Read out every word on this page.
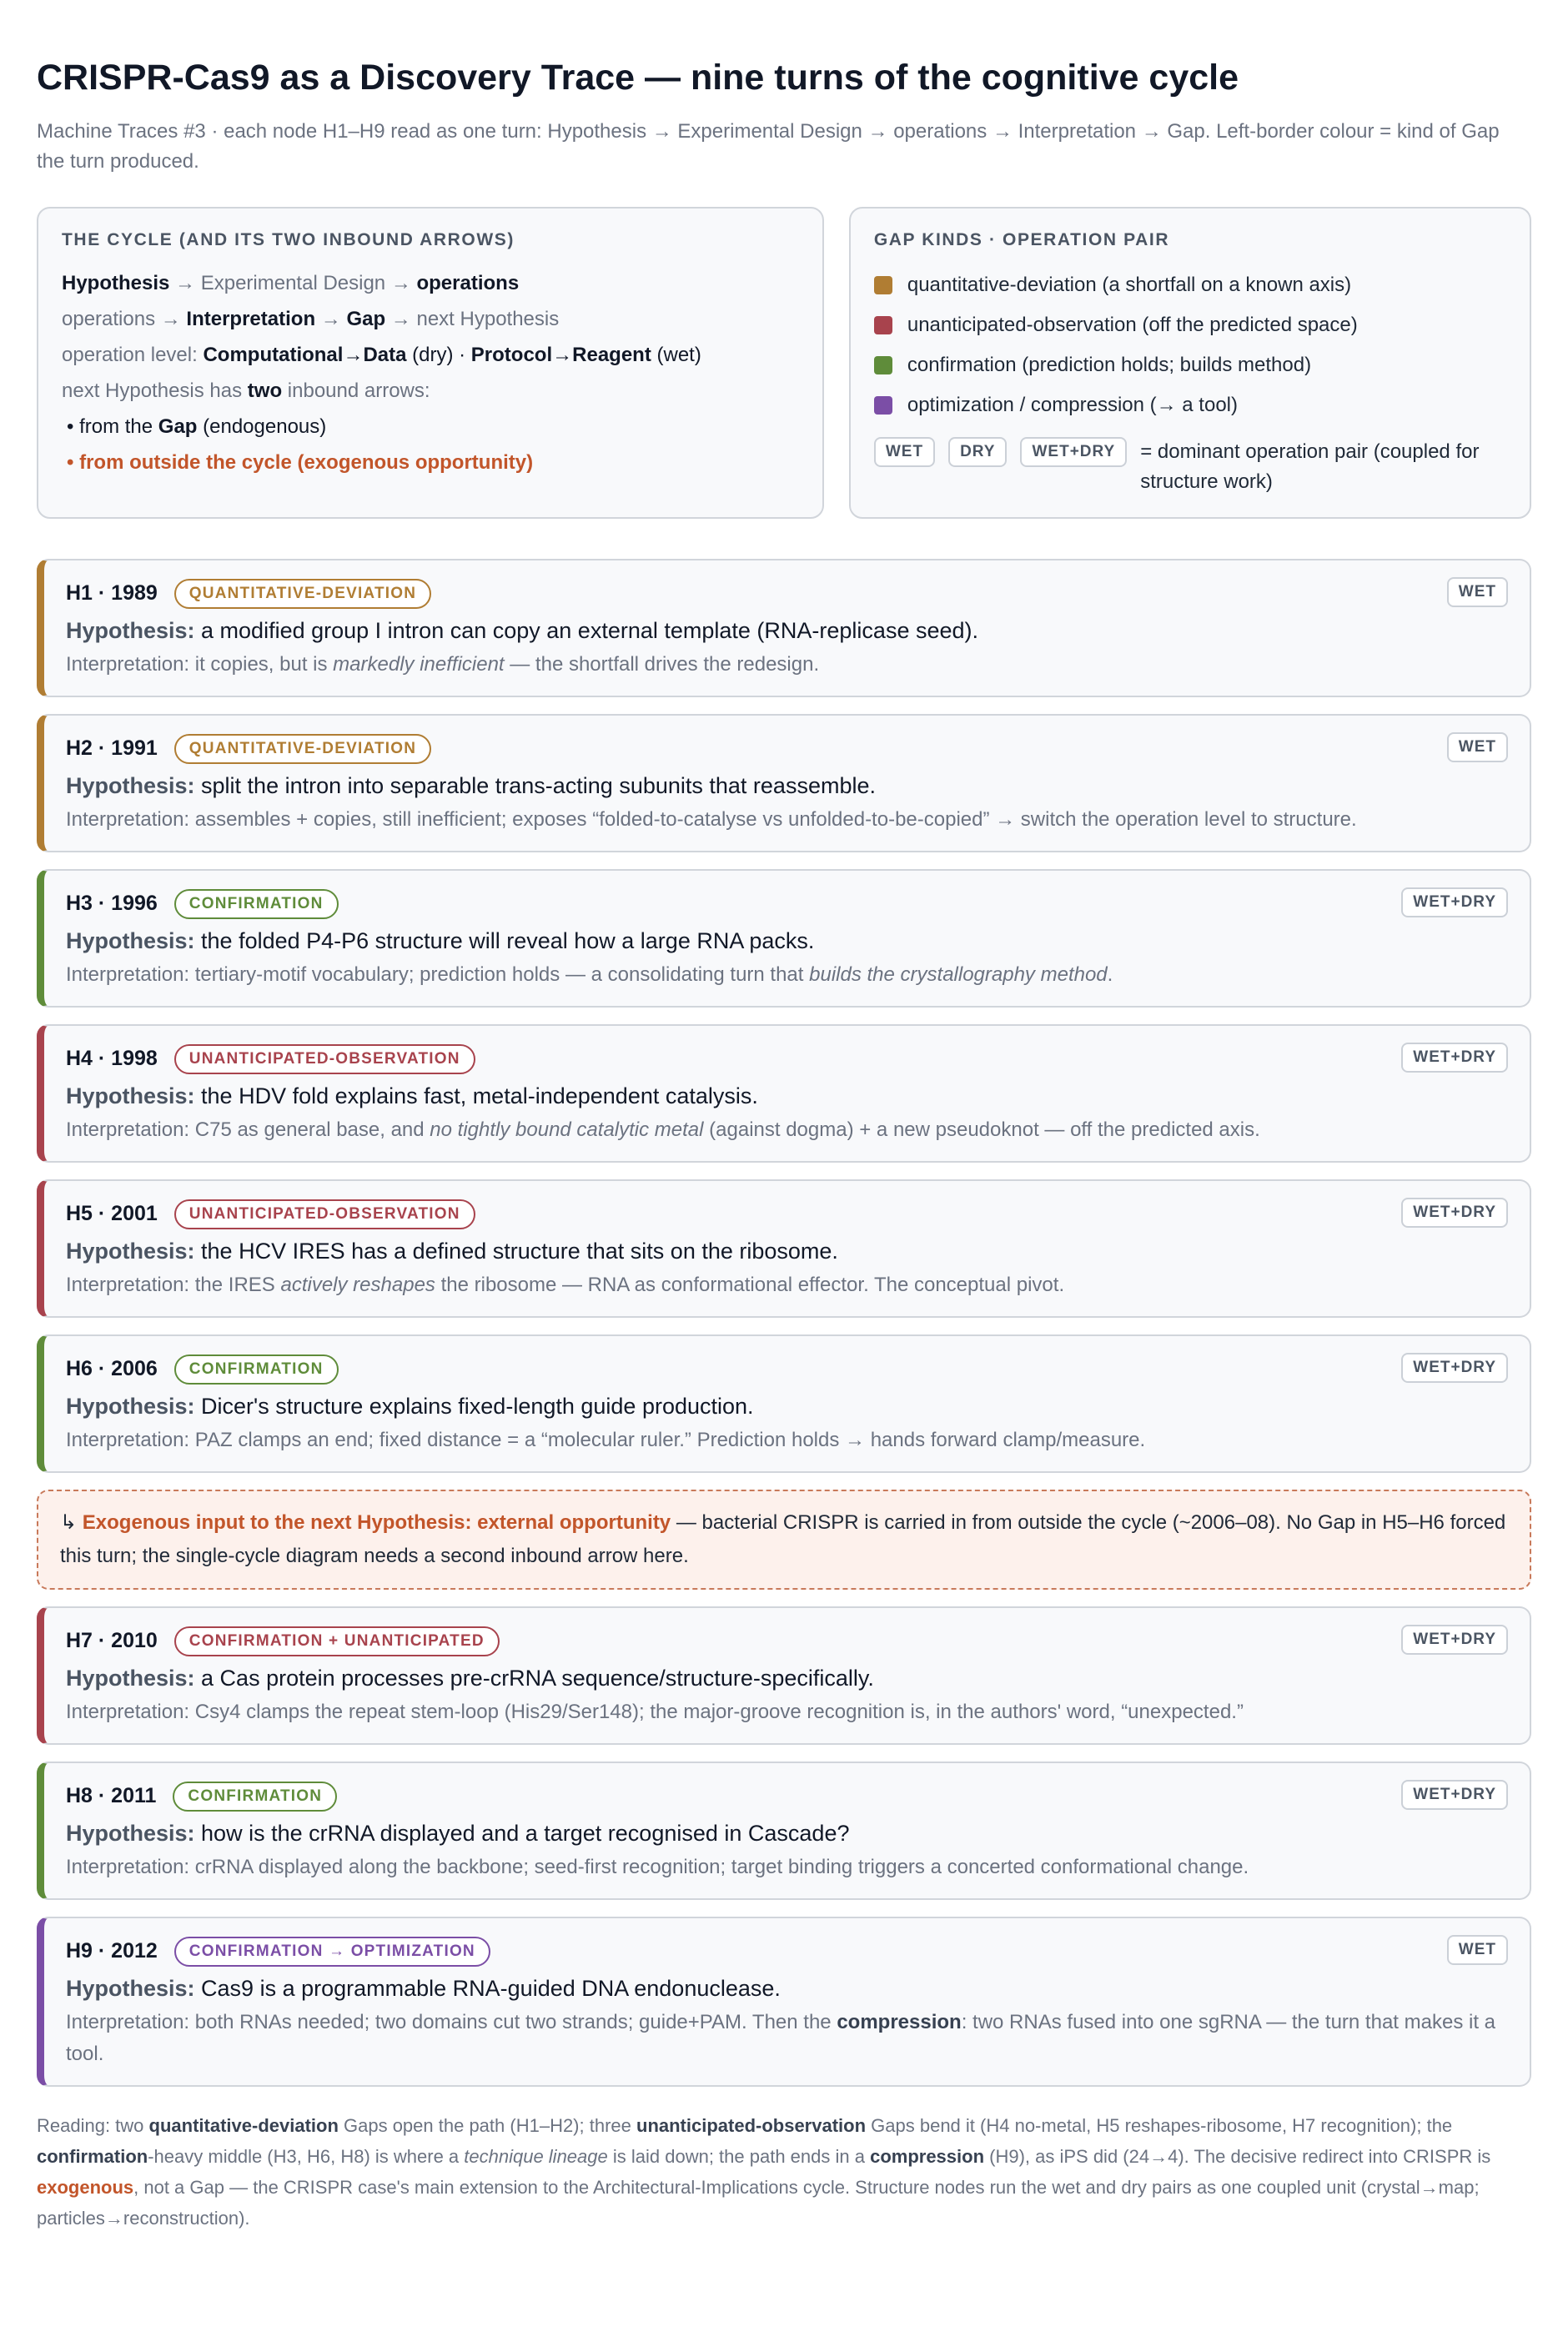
CRISPR-Cas9 as a Discovery Trace — nine turns of the cognitive cycle
Machine Traces #3 · each node H1–H9 read as one turn: Hypothesis → Experimental Design → operations → Interpretation → Gap. Left-border colour = kind of Gap the turn produced.
THE CYCLE (AND ITS TWO INBOUND ARROWS)
Hypothesis → Experimental Design → operations
operations → Interpretation → Gap → next Hypothesis
operation level: Computational→Data (dry) · Protocol→Reagent (wet)
next Hypothesis has two inbound arrows:
• from the Gap (endogenous)
• from outside the cycle (exogenous opportunity)
GAP KINDS · OPERATION PAIR
quantitative-deviation (a shortfall on a known axis)
unanticipated-observation (off the predicted space)
confirmation (prediction holds; builds method)
optimization / compression (→ a tool)
WET	DRY	WET+DRY	= dominant operation pair (coupled for structure work)
H1 · 1989	QUANTITATIVE-DEVIATION	WET
Hypothesis: a modified group I intron can copy an external template (RNA-replicase seed).
Interpretation: it copies, but is markedly inefficient — the shortfall drives the redesign.
H2 · 1991	QUANTITATIVE-DEVIATION	WET
Hypothesis: split the intron into separable trans-acting subunits that reassemble.
Interpretation: assembles + copies, still inefficient; exposes “folded-to-catalyse vs unfolded-to-be-copied” → switch the operation level to structure.
H3 · 1996	CONFIRMATION	WET+DRY
Hypothesis: the folded P4-P6 structure will reveal how a large RNA packs.
Interpretation: tertiary-motif vocabulary; prediction holds — a consolidating turn that builds the crystallography method.
H4 · 1998	UNANTICIPATED-OBSERVATION	WET+DRY
Hypothesis: the HDV fold explains fast, metal-independent catalysis.
Interpretation: C75 as general base, and no tightly bound catalytic metal (against dogma) + a new pseudoknot — off the predicted axis.
H5 · 2001	UNANTICIPATED-OBSERVATION	WET+DRY
Hypothesis: the HCV IRES has a defined structure that sits on the ribosome.
Interpretation: the IRES actively reshapes the ribosome — RNA as conformational effector. The conceptual pivot.
H6 · 2006	CONFIRMATION	WET+DRY
Hypothesis: Dicer's structure explains fixed-length guide production.
Interpretation: PAZ clamps an end; fixed distance = a “molecular ruler.” Prediction holds → hands forward clamp/measure.
↳ Exogenous input to the next Hypothesis: external opportunity — bacterial CRISPR is carried in from outside the cycle (~2006–08). No Gap in H5–H6 forced this turn; the single-cycle diagram needs a second inbound arrow here.
H7 · 2010	CONFIRMATION + UNANTICIPATED	WET+DRY
Hypothesis: a Cas protein processes pre-crRNA sequence/structure-specifically.
Interpretation: Csy4 clamps the repeat stem-loop (His29/Ser148); the major-groove recognition is, in the authors' word, “unexpected.”
H8 · 2011	CONFIRMATION	WET+DRY
Hypothesis: how is the crRNA displayed and a target recognised in Cascade?
Interpretation: crRNA displayed along the backbone; seed-first recognition; target binding triggers a concerted conformational change.
H9 · 2012	CONFIRMATION → OPTIMIZATION	WET
Hypothesis: Cas9 is a programmable RNA-guided DNA endonuclease.
Interpretation: both RNAs needed; two domains cut two strands; guide+PAM. Then the compression: two RNAs fused into one sgRNA — the turn that makes it a tool.
Reading: two quantitative-deviation Gaps open the path (H1–H2); three unanticipated-observation Gaps bend it (H4 no-metal, H5 reshapes-ribosome, H7 recognition); the confirmation-heavy middle (H3, H6, H8) is where a technique lineage is laid down; the path ends in a compression (H9), as iPS did (24→4). The decisive redirect into CRISPR is exogenous, not a Gap — the CRISPR case's main extension to the Architectural-Implications cycle. Structure nodes run the wet and dry pairs as one coupled unit (crystal→map; particles→reconstruction).
